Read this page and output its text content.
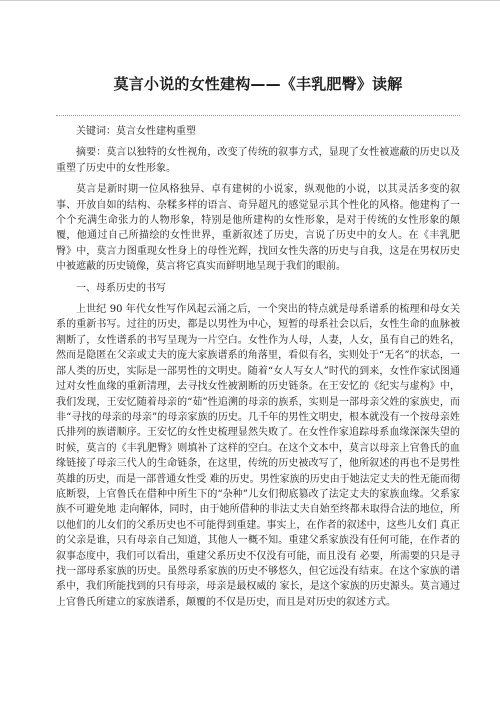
莫言小说的女性建构——《丰乳肥臀》读解

关键词：莫言女性建构重塑

摘要：莫言以独特的女性视角，改变了传统的叙事方式，显现了女性被遮蔽的历史以及重塑了历史中的女性形象。

莫言是新时期一位风格独异、卓有建树的小说家，纵观他的小说，以其灵活多变的叙事、开放自如的结构、杂糅多样的语言、奇异超凡的感觉显示其个性化的风格。他建构了一个个充满生命张力的人物形象，特别是他所建构的女性形象，是对于传统的女性形象的颠覆，他通过自己所描绘的女性世界，重新叙述了历史，言说了历史中的女人。在《丰乳肥臀》中，莫言力图重现女性身上的母性光辉，找回女性失落的历史与自我，这是在男权历史中被遮蔽的历史镜像，莫言将它真实而鲜明地呈现于我们的眼前。

一、母系历史的书写

上世纪 90 年代女性写作风起云涌之后，一个突出的特点就是母系谱系的梳理和母女关系的重新书写。过往的历史，都是以男性为中心，短暂的母系社会以后，女性生命的血脉被割断了，女性谱系的书写呈现为一片空白。女性作为人母，人妻，人女，虽有自己的姓名，然而是隐匿在父亲或丈夫的庞大家族谱系的角落里，看似有名，实则处于“无名”的状态，一部人类的历史，实际是一部男性的文明史。随着“女人写女人”时代的到来，女性作家试图通过对女性血缘的重新清理，去寻找女性被割断的历史链条。在王安忆的《纪实与虚构》中，我们发现，王安忆随着母亲的“茹”性追溯的母亲的族系，实则是一部母亲父姓的家族史，而非“寻找的母亲的母亲”的母亲家族的历史。几千年的男性文明史，根本就没有一个按母亲姓氏排列的族谱顺序。王安忆的女性史梳理显然失败了。在女性作家追踪母系血缘深深失望的时候，莫言的《丰乳肥臀》则填补了这样的空白。在这个文本中，莫言以母亲上官鲁氏的血缘链接了母亲三代人的生命链条，在这里，传统的历史被改写了，他所叙述的再也不是男性英雄的历史，而是一部普通女性受 难的历史。男性家族的历史由于她法定丈夫的性无能而彻底断裂，上官鲁氏在借种中所生下的“杂种”儿女们彻底篡改了法定丈夫的家族血缘。父系家族不可避免地 走向解体，同时，由于她所借种的非法丈夫自始至终都未取得合法的地位，所以他们的儿女们的父系历史也不可能得到重建。事实上，在作者的叙述中，这些儿女们 真正的父亲是谁，只有母亲自己知道，其他人一概不知。重建父系家族没有任何可能，在作者的叙事态度中，我们可以看出，重建父系历史不仅没有可能，而且没有 必要，所需要的只是寻找一部母系家族的历史。虽然母系家族的历史不够悠久，但它远没有结束。在这个家族的谱系中，我们所能找到的只有母亲，母亲是最权威的 家长，是这个家族的历史源头。莫言通过上官鲁氏所建立的家族谱系，颠覆的不仅是历史，而且是对历史的叙述方式。
